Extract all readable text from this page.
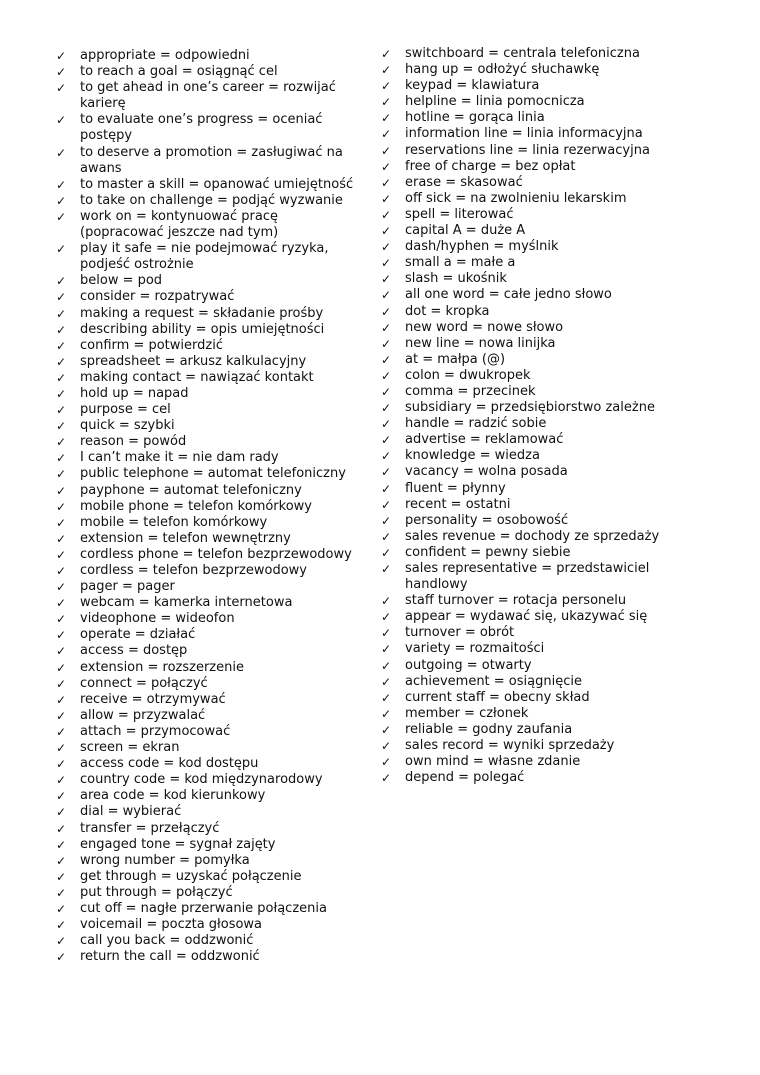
✓	appropriate = odpowiedni
✓	to reach a goal = osiągnąć cel
✓	to get ahead in one’s career = rozwijać karierę
✓	to evaluate one’s progress = oceniać postępy
✓	to deserve a promotion = zasługiwać na awans
✓	to master a skill = opanować umiejętność
✓	to take on challenge = podjąć wyzwanie
✓	work on = kontynuować pracę (popracować jeszcze nad tym)
✓	play it safe = nie podejmować ryzyka, podjeść ostrożnie
✓	below = pod
✓	consider = rozpatrywać
✓	making a request = składanie prośby
✓	describing ability = opis umiejętności
✓	confirm = potwierdzić
✓	spreadsheet = arkusz kalkulacyjny
✓	making contact = nawiązać kontakt
✓	hold up = napad
✓	purpose = cel
✓	quick = szybki
✓	reason = powód
✓	I can’t make it = nie dam rady
✓	public telephone = automat telefoniczny
✓	payphone = automat telefoniczny
✓	mobile phone = telefon komórkowy
✓	mobile = telefon komórkowy
✓	extension = telefon wewnętrzny
✓	cordless phone = telefon bezprzewodowy
✓	cordless = telefon bezprzewodowy
✓	pager = pager
✓	webcam = kamerka internetowa
✓	videophone = wideofon
✓	operate = działać
✓	access = dostęp
✓	extension = rozszerzenie
✓	connect = połączyć
✓	receive = otrzymywać
✓	allow = przyzwalać
✓	attach = przymocować
✓	screen = ekran
✓	access code = kod dostępu
✓	country code = kod międzynarodowy
✓	area code = kod kierunkowy
✓	dial = wybierać
✓	transfer = przełączyć
✓	engaged tone = sygnał zajęty
✓	wrong number = pomyłka
✓	get through = uzyskać połączenie
✓	put through = połączyć
✓	cut off = nagłe przerwanie połączenia
✓	voicemail = poczta głosowa
✓	call you back = oddzwonić
✓	return the call = oddzwonić
✓	switchboard = centrala telefoniczna
✓	hang up = odłożyć słuchawkę
✓	keypad = klawiatura
✓	helpline = linia pomocnicza
✓	hotline = gorąca linia
✓	information line = linia informacyjna
✓	reservations line = linia rezerwacyjna
✓	free of charge = bez opłat
✓	erase = skasować
✓	off sick = na zwolnieniu lekarskim
✓	spell = literować
✓	capital A = duże A
✓	dash/hyphen = myślnik
✓	small a = małe a
✓	slash = ukośnik
✓	all one word = całe jedno słowo
✓	dot = kropka
✓	new word = nowe słowo
✓	new line = nowa linijka
✓	at = małpa (@)
✓	colon = dwukropek
✓	comma = przecinek
✓	subsidiary = przedsiębiorstwo zależne
✓	handle = radzić sobie
✓	advertise = reklamować
✓	knowledge = wiedza
✓	vacancy = wolna posada
✓	fluent = płynny
✓	recent = ostatni
✓	personality = osobowość
✓	sales revenue = dochody ze sprzedaży
✓	confident = pewny siebie
✓	sales representative = przedstawiciel handlowy
✓	staff turnover = rotacja personelu
✓	appear = wydawać się, ukazywać się
✓	turnover = obrót
✓	variety = rozmaitości
✓	outgoing = otwarty
✓	achievement = osiągnięcie
✓	current staff = obecny skład
✓	member = członek
✓	reliable = godny zaufania
✓	sales record = wyniki sprzedaży
✓	own mind = własne zdanie
✓	depend = polegać
